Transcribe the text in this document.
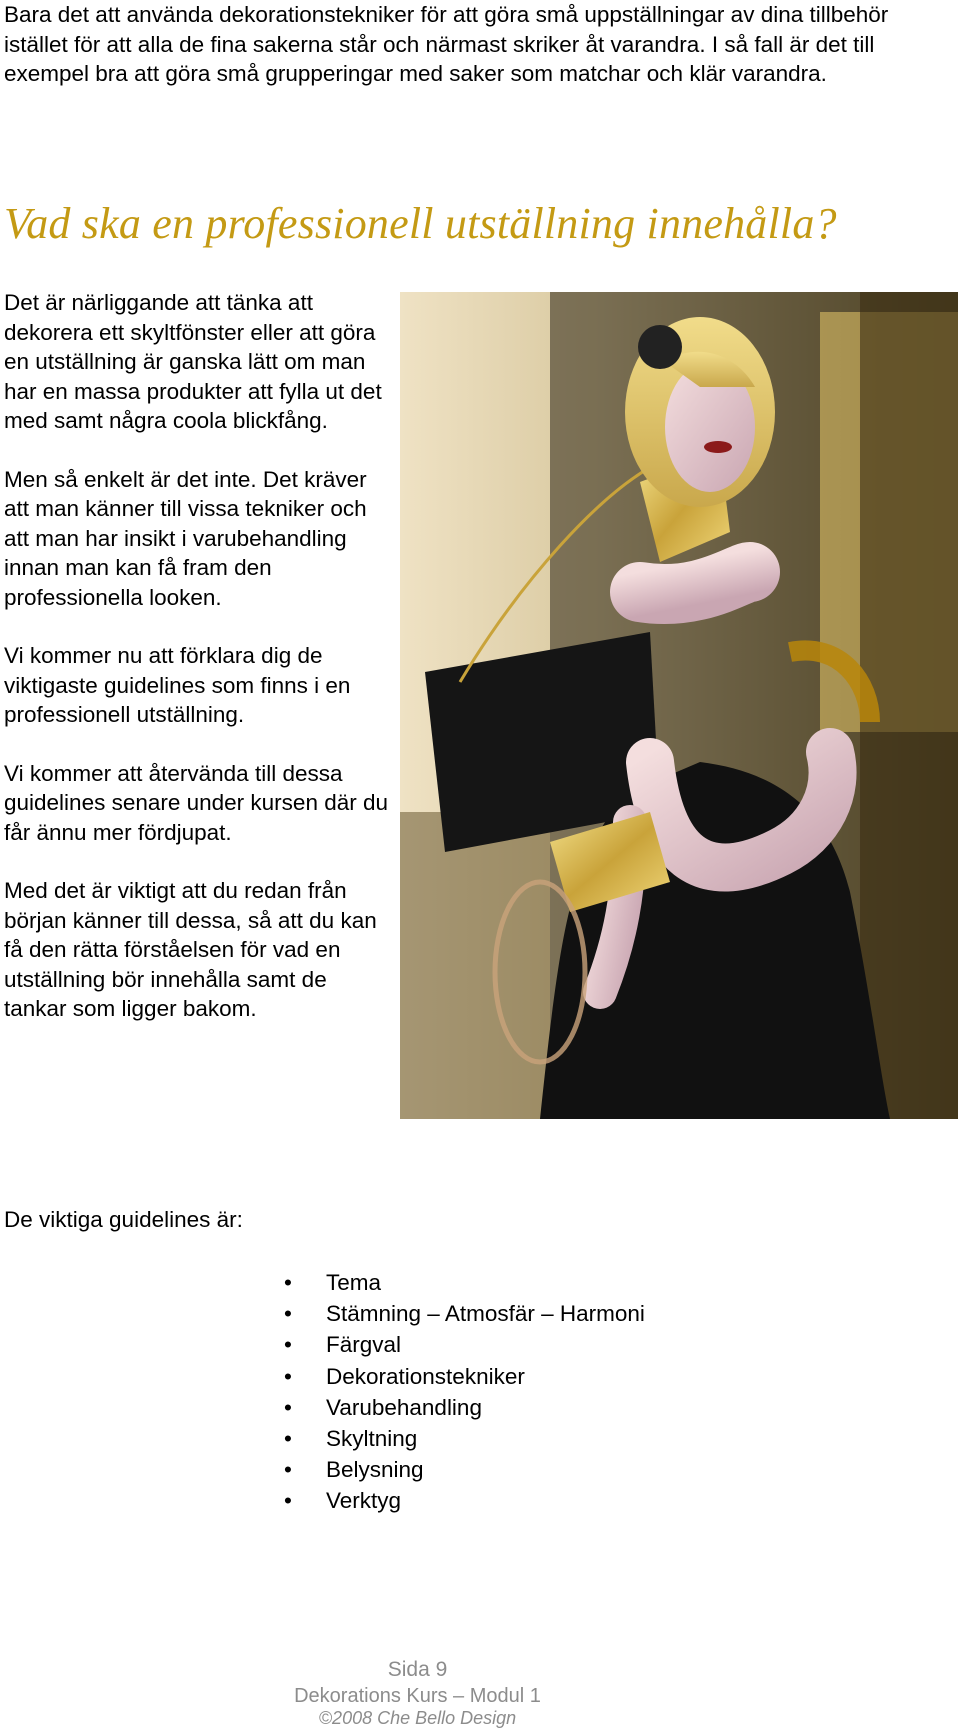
Bara det att använda dekorationstekniker för att göra små uppställningar av dina tillbehör istället för att alla de fina sakerna står och närmast skriker åt varandra. I så fall är det till exempel bra att göra små grupperingar med saker som matchar och klär varandra.

Vad ska en professionell utställning innehålla?

Det är närliggande att tänka att dekorera ett skyltfönster eller att göra en utställning är ganska lätt om man har en massa produkter att fylla ut det med samt några coola blickfång.

Men så enkelt är det inte. Det kräver att man känner till vissa tekniker och att man har insikt i varubehandling innan man kan få fram den professionella looken.

Vi kommer nu att förklara dig de viktigaste guidelines som finns i en professionell utställning.

Vi kommer att återvända till dessa guidelines senare under kursen där du får ännu mer fördjupat.

Med det är viktigt att du redan från början känner till dessa, så att du kan få den rätta förståelsen för vad en utställning bör innehålla samt de tankar som ligger bakom.

De viktiga guidelines är:

• Tema
• Stämning – Atmosfär – Harmoni
• Färgval
• Dekorationstekniker
• Varubehandling
• Skyltning
• Belysning
• Verktyg
Sida 9
Dekorations Kurs – Modul 1
©2008 Che Bello Design
